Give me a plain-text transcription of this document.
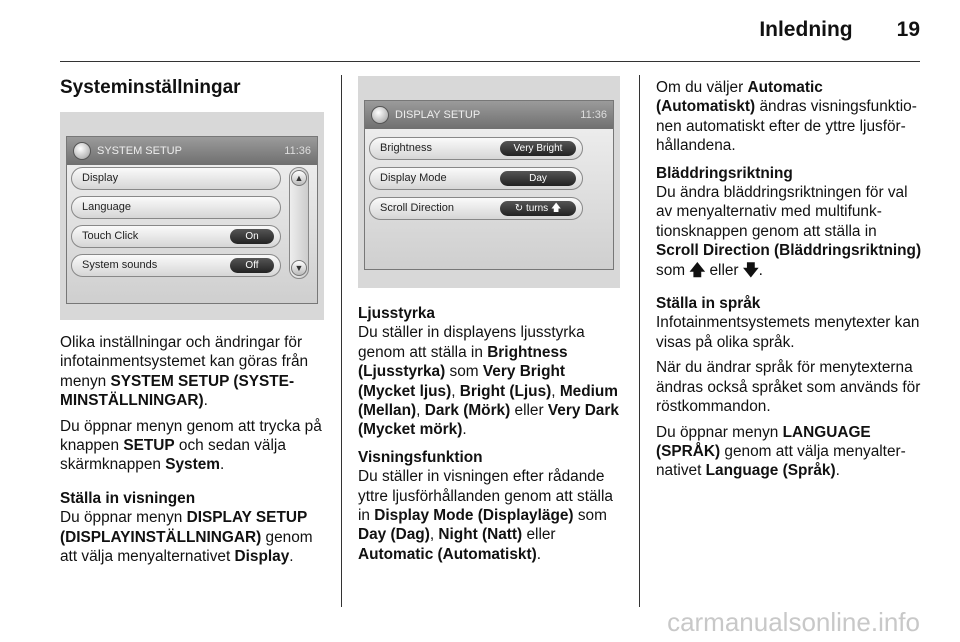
Inledning 19
Systeminställningar
SYSTEM SETUP	11:36
Display
Language
Touch Click	On
System sounds	Off
▲
▼

Olika inställningar och ändringar för infotainmentsystemet kan göras från menyn SYSTEM SETUP (SYSTE-MINSTÄLLNINGAR).

Du öppnar menyn genom att trycka på knappen SETUP och sedan välja skärmknappen System.

Ställa in visningen

Du öppnar menyn DISPLAY SETUP (DISPLAYINSTÄLLNINGAR) genom att välja menyalternativet Display.

DISPLAY SETUP	11:36
Brightness	Very Bright
Display Mode	Day
Scroll Direction	↻ turns 🡅
Ljusstyrka

Du ställer in displayens ljusstyrka genom att ställa in Brightness (Ljusstyrka) som Very Bright (Mycket ljus), Bright (Ljus), Medium (Mellan), Dark (Mörk) eller Very Dark (Mycket mörk).

Visningsfunktion

Du ställer in visningen efter rådande yttre ljusförhållanden genom att ställa in Display Mode (Displayläge) som Day (Dag), Night (Natt) eller Automatic (Automatiskt).

Om du väljer Automatic (Automatiskt) ändras visningsfunktio-nen automatiskt efter de yttre ljusför-hållandena.

Bläddringsriktning

Du ändra bläddringsriktningen för val av menyalternativ med multifunk-tionsknappen genom att ställa in Scroll Direction (Bläddringsriktning) som 🡅 eller 🡇.

Ställa in språk

Infotainmentsystemets menytexter kan visas på olika språk.

När du ändrar språk för menytexterna ändras också språket som används för röstkommandon.

Du öppnar menyn LANGUAGE (SPRÅK) genom att välja menyalter-nativet Language (Språk).

carmanualsonline.info
